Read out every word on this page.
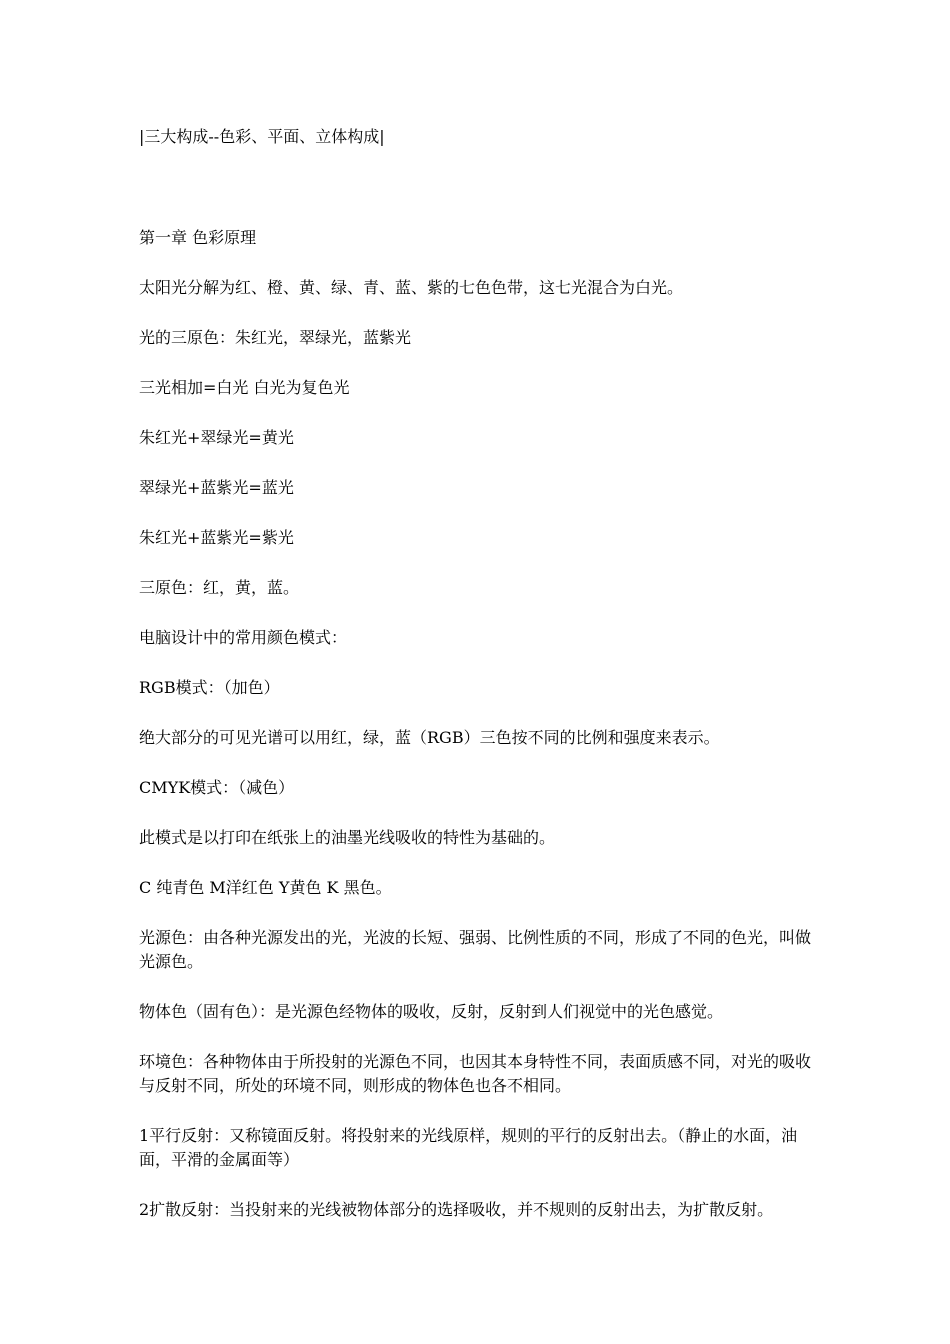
|三大构成--色彩、平面、立体构成|

第一章 色彩原理

太阳光分解为红、橙、黄、绿、青、蓝、紫的七色色带，这七光混合为白光。

光的三原色：朱红光，翠绿光，蓝紫光

三光相加=白光 白光为复色光

朱红光+翠绿光=黄光

翠绿光+蓝紫光=蓝光

朱红光+蓝紫光=紫光

三原色：红，黄，蓝。

电脑设计中的常用颜色模式：

RGB模式：（加色）

绝大部分的可见光谱可以用红，绿，蓝（RGB）三色按不同的比例和强度来表示。

CMYK模式：（减色）

此模式是以打印在纸张上的油墨光线吸收的特性为基础的。

C 纯青色 M洋红色 Y黄色 K 黑色。

光源色：由各种光源发出的光，光波的长短、强弱、比例性质的不同，形成了不同的色光，叫做光源色。

物体色（固有色）：是光源色经物体的吸收，反射，反射到人们视觉中的光色感觉。

环境色：各种物体由于所投射的光源色不同，也因其本身特性不同，表面质感不同，对光的吸收与反射不同，所处的环境不同，则形成的物体色也各不相同。

1平行反射：又称镜面反射。将投射来的光线原样，规则的平行的反射出去。（静止的水面，油面，平滑的金属面等）

2扩散反射：当投射来的光线被物体部分的选择吸收，并不规则的反射出去，为扩散反射。
